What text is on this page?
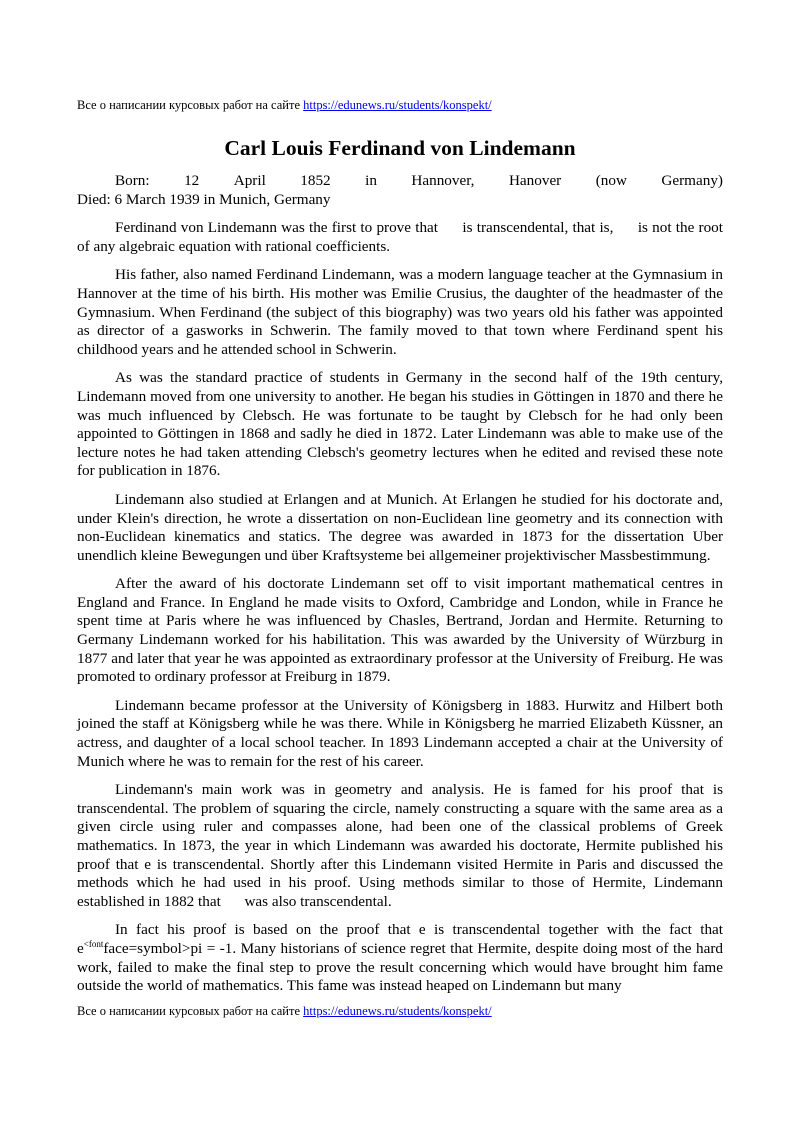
Все о написании курсовых работ на сайте https://edunews.ru/students/konspekt/
Carl Louis Ferdinand von Lindemann
Born: 12 April 1852 in Hannover, Hanover (now Germany)
Died: 6 March 1939 in Munich, Germany

Ferdinand von Lindemann was the first to prove that  is transcendental, that is,  is not the root of any algebraic equation with rational coefficients.

His father, also named Ferdinand Lindemann, was a modern language teacher at the Gymnasium in Hannover at the time of his birth. His mother was Emilie Crusius, the daughter of the headmaster of the Gymnasium. When Ferdinand (the subject of this biography) was two years old his father was appointed as director of a gasworks in Schwerin. The family moved to that town where Ferdinand spent his childhood years and he attended school in Schwerin.

As was the standard practice of students in Germany in the second half of the 19th century, Lindemann moved from one university to another. He began his studies in Göttingen in 1870 and there he was much influenced by Clebsch. He was fortunate to be taught by Clebsch for he had only been appointed to Göttingen in 1868 and sadly he died in 1872. Later Lindemann was able to make use of the lecture notes he had taken attending Clebsch's geometry lectures when he edited and revised these note for publication in 1876.

Lindemann also studied at Erlangen and at Munich. At Erlangen he studied for his doctorate and, under Klein's direction, he wrote a dissertation on non-Euclidean line geometry and its connection with non-Euclidean kinematics and statics. The degree was awarded in 1873 for the dissertation Uber unendlich kleine Bewegungen und über Kraftsysteme bei allgemeiner projektivischer Massbestimmung.

After the award of his doctorate Lindemann set off to visit important mathematical centres in England and France. In England he made visits to Oxford, Cambridge and London, while in France he spent time at Paris where he was influenced by Chasles, Bertrand, Jordan and Hermite. Returning to Germany Lindemann worked for his habilitation. This was awarded by the University of Würzburg in 1877 and later that year he was appointed as extraordinary professor at the University of Freiburg. He was promoted to ordinary professor at Freiburg in 1879.

Lindemann became professor at the University of Königsberg in 1883. Hurwitz and Hilbert both joined the staff at Königsberg while he was there. While in Königsberg he married Elizabeth Küssner, an actress, and daughter of a local school teacher. In 1893 Lindemann accepted a chair at the University of Munich where he was to remain for the rest of his career.

Lindemann's main work was in geometry and analysis. He is famed for his proof that is transcendental. The problem of squaring the circle, namely constructing a square with the same area as a given circle using ruler and compasses alone, had been one of the classical problems of Greek mathematics. In 1873, the year in which Lindemann was awarded his doctorate, Hermite published his proof that e is transcendental. Shortly after this Lindemann visited Hermite in Paris and discussed the methods which he had used in his proof. Using methods similar to those of Hermite, Lindemann established in 1882 that  was also transcendental.

In fact his proof is based on the proof that e is transcendental together with the fact that $e^{<font}face=symbol>pi = -1$. Many historians of science regret that Hermite, despite doing most of the hard work, failed to make the final step to prove the result concerning which would have brought him fame outside the world of mathematics. This fame was instead heaped on Lindemann but many

Все о написании курсовых работ на сайте https://edunews.ru/students/konspekt/
